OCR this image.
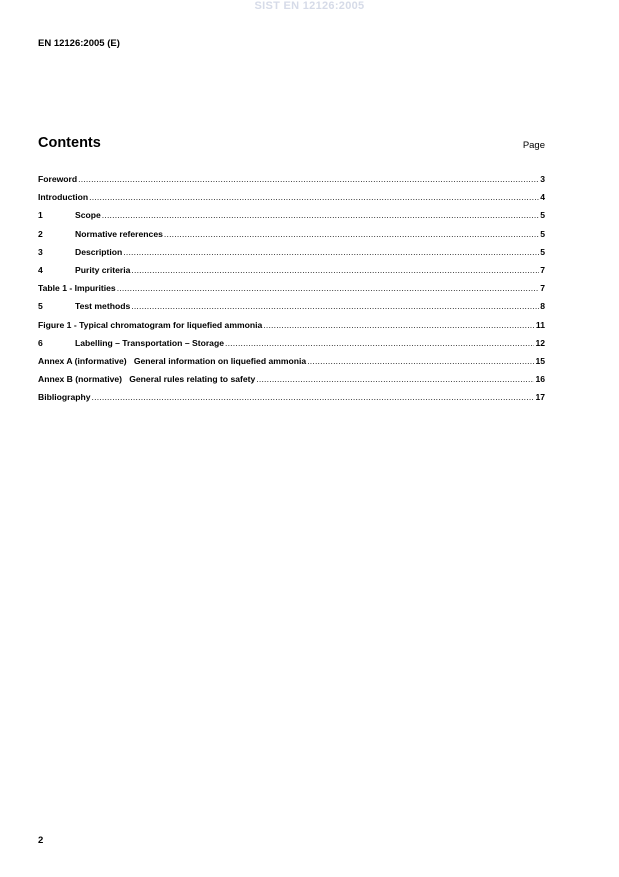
SIST EN 12126:2005
EN 12126:2005 (E)
Contents	Page
Foreword .....	3
Introduction .....	4
1	Scope .....	5
2	Normative references .....	5
3	Description .....	5
4	Purity criteria .....	7
Table 1 - Impurities .....	7
5	Test methods .....	8
Figure 1 - Typical chromatogram for liquefied ammonia .....	11
6	Labelling – Transportation – Storage .....	12
Annex A (informative)   General information on liquefied ammonia .....	15
Annex B (normative)   General rules relating to safety .....	16
Bibliography .....	17
2
